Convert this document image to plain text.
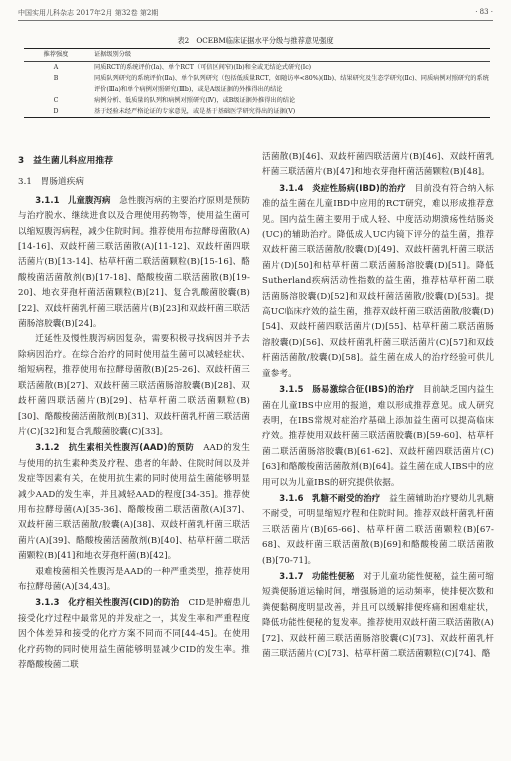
中国实用儿科杂志 2017年2月 第32卷 第2期	· 83 ·
表2　OCEBM临床证据水平分级与推荐意见强度
推荐强度	证据级别分级
A	同质RCT的系统评价(Ⅰa)、单个RCT（可信区间窄)(Ⅰb)和全或无结论式研究(Ⅰc)
B	同质队列研究的系统评价(Ⅱa)、单个队列研究（包括低质量RCT，如随访率<80%)(Ⅱb)、结果研究及生态学研究(Ⅱc)、同质病例对照研究的系统评价(Ⅲa)和单个病例对照研究(Ⅲb)，或是A级证据的外推得出的结论
C	病例分析、低质量的队列和病例对照研究(Ⅳ)，或B级证据外推得出的结论
D	基于经验未经严格论证的专家意见，或是基于基础医学研究得出的证据(Ⅴ)
3　益生菌儿科应用推荐
3.1　胃肠道疾病

3.1.1　儿童腹泻病　 急性腹泻病的主要治疗原则是预防与治疗脱水、继续进食以及合理使用药物等，使用益生菌可以缩短腹泻病程，减少住院时间。推荐使用布拉酵母菌散(A)[14-16]、双歧杆菌三联活菌散(A)[11-12]、双歧杆菌四联活菌片(B)[13-14]、枯草杆菌二联活菌颗粒(B)[15-16]、酪酸梭菌活菌散剂(B)[17-18]、酪酸梭菌二联活菌散(B)[19-20]、地衣芽孢杆菌活菌颗粒(B)[21]、复合乳酸菌胶囊(B)[22]、双歧杆菌乳杆菌三联活菌片(B)[23]和双歧杆菌三联活菌肠溶胶囊(B)[24]。

迁延性及慢性腹泻病因复杂，需要积极寻找病因并予去除病因治疗。在综合治疗的同时使用益生菌可以减轻症状、缩短病程，推荐使用布拉酵母菌散(B)[25-26]、双歧杆菌三联活菌散(B)[27]、双歧杆菌三联活菌肠溶胶囊(B)[28]、双歧杆菌四联活菌片(B)[29]、枯草杆菌二联活菌颗粒(B)[30]、酪酸梭菌活菌散剂(B)[31]、双歧杆菌乳杆菌三联活菌片(C)[32]和复合乳酸菌胶囊(C)[33]。

3.1.2　抗生素相关性腹泻(AAD)的预防　 AAD的发生与使用的抗生素种类及疗程、患者的年龄、住院时间以及并发症等因素有关，在使用抗生素的同时使用益生菌能够明显减少AAD的发生率，并且减轻AAD的程度[34-35]。推荐使用布拉酵母菌(A)[35-36]、酪酸梭菌二联活菌散(A)[37]、双歧杆菌三联活菌散/胶囊(A)[38]、双歧杆菌乳杆菌三联活菌片(A)[39]、酪酸梭菌活菌散剂(B)[40]、枯草杆菌二联活菌颗粒(B)[41]和地衣芽孢杆菌(B)[42]。

艰难梭菌相关性腹泻是AAD的一种严重类型，推荐使用布拉酵母菌(A)[34,43]。

3.1.3　化疗相关性腹泻(CID)的防治　 CID是肿瘤患儿接受化疗过程中最常见的并发症之一，其发生率和严重程度因个体差异和接受的化疗方案不同而不同[44-45]。在使用化疗药物的同时使用益生菌能够明显减少CID的发生率。推荐酪酸梭菌二联

活菌散(B)[46]、双歧杆菌四联活菌片(B)[46]、双歧杆菌乳杆菌三联活菌片(B)[47]和地衣芽孢杆菌活菌颗粒(B)[48]。

3.1.4　炎症性肠病(IBD)的治疗　 目前没有符合纳入标准的益生菌在儿童IBD中应用的RCT研究，难以形成推荐意见。国内益生菌主要用于成人轻、中度活动期溃疡性结肠炎(UC)的辅助治疗。降低成人UC内镜下评分的益生菌，推荐双歧杆菌三联活菌散/胶囊(D)[49]、双歧杆菌乳杆菌三联活菌片(D)[50]和枯草杆菌二联活菌肠溶胶囊(D)[51]。降低Sutherland疾病活动性指数的益生菌，推荐枯草杆菌二联活菌肠溶胶囊(D)[52]和双歧杆菌活菌散/胶囊(D)[53]。提高UC临床疗效的益生菌，推荐双歧杆菌三联活菌散/胶囊(D)[54]、双歧杆菌四联活菌片(D)[55]、枯草杆菌二联活菌肠溶胶囊(D)[56]、双歧杆菌乳杆菌三联活菌片(C)[57]和双歧杆菌活菌散/胶囊(D)[58]。益生菌在成人的治疗经验可供儿童参考。

3.1.5　肠易激综合征(IBS)的治疗　 目前缺乏国内益生菌在儿童IBS中应用的报道，难以形成推荐意见。成人研究表明，在IBS常规对症治疗基础上添加益生菌可以提高临床疗效。推荐使用双歧杆菌三联活菌胶囊(B)[59-60]、枯草杆菌二联活菌肠溶胶囊(B)[61-62]、双歧杆菌四联活菌片(C)[63]和酪酸梭菌活菌散剂(B)[64]。益生菌在成人IBS中的应用可以为儿童IBS的研究提供依据。

3.1.6　乳糖不耐受的治疗　 益生菌辅助治疗婴幼儿乳糖不耐受，可明显缩短疗程和住院时间。推荐双歧杆菌乳杆菌三联活菌片(B)[65-66]、枯草杆菌二联活菌颗粒(B)[67-68]、双歧杆菌三联活菌散(B)[69]和酪酸梭菌二联活菌散(B)[70-71]。

3.1.7　功能性便秘　 对于儿童功能性便秘，益生菌可缩短粪便肠道运输时间，增强肠道的运动频率，使排便次数和粪便黏稠度明显改善，并且可以缓解排便疼痛和困难症状，降低功能性便秘的复发率。推荐使用双歧杆菌三联活菌散(A)[72]、双歧杆菌三联活菌肠溶胶囊(C)[73]、双歧杆菌乳杆菌三联活菌片(C)[73]、枯草杆菌二联活菌颗粒(C)[74]、酪
